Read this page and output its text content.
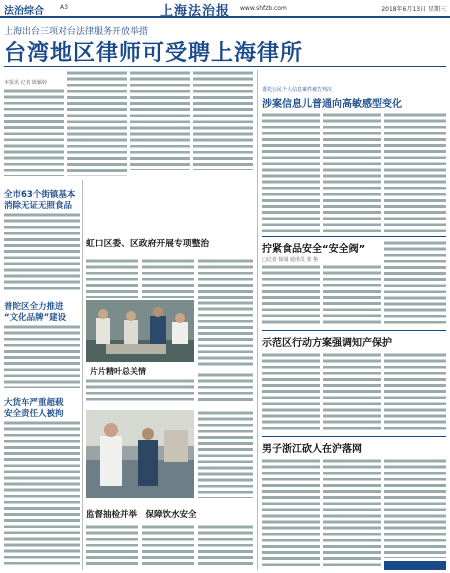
法治综合	A3	上海法治报 www.shfzb.com	2018年6月13日 星期三
上海出台三项对台法律服务开放举措
台湾地区律师可受聘上海律所
本报讯 记者 陈颖婷
委托公民个人信息案件被告判决
涉案信息儿普通向高敏感型变化
全市63个街镇基本
消除无证无照食品
普陀区全力推进
“文化品牌”建设
大货车严重超载
安全责任人被拘
虹口区委、区政府开展专项整治
片片精叶总关情
监督抽检并举　保障饮水安全
拧紧食品安全“安全阀”
□记者 徐闻 通讯员 张 艳
示范区行动方案强调知产保护
男子浙江砍人在沪落网
